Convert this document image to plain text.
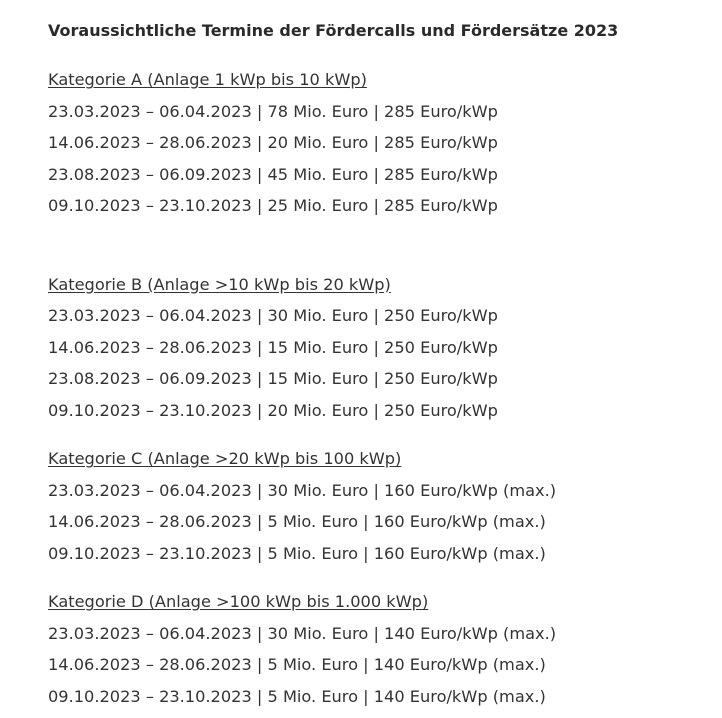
Voraussichtliche Termine der Fördercalls und Fördersätze 2023
Kategorie A (Anlage 1 kWp bis 10 kWp)
23.03.2023 – 06.04.2023 | 78 Mio. Euro | 285 Euro/kWp
14.06.2023 – 28.06.2023 | 20 Mio. Euro | 285 Euro/kWp
23.08.2023 – 06.09.2023 | 45 Mio. Euro | 285 Euro/kWp
09.10.2023 – 23.10.2023 | 25 Mio. Euro | 285 Euro/kWp
Kategorie B (Anlage >10 kWp bis 20 kWp)
23.03.2023 – 06.04.2023 | 30 Mio. Euro | 250 Euro/kWp
14.06.2023 – 28.06.2023 | 15 Mio. Euro | 250 Euro/kWp
23.08.2023 – 06.09.2023 | 15 Mio. Euro | 250 Euro/kWp
09.10.2023 – 23.10.2023 | 20 Mio. Euro | 250 Euro/kWp
Kategorie C (Anlage >20 kWp bis 100 kWp)
23.03.2023 – 06.04.2023 | 30 Mio. Euro | 160 Euro/kWp (max.)
14.06.2023 – 28.06.2023 | 5 Mio. Euro | 160 Euro/kWp (max.)
09.10.2023 – 23.10.2023 | 5 Mio. Euro | 160 Euro/kWp (max.)
Kategorie D (Anlage >100 kWp bis 1.000 kWp)
23.03.2023 – 06.04.2023 | 30 Mio. Euro | 140 Euro/kWp (max.)
14.06.2023 – 28.06.2023 | 5 Mio. Euro | 140 Euro/kWp (max.)
09.10.2023 – 23.10.2023 | 5 Mio. Euro | 140 Euro/kWp (max.)
